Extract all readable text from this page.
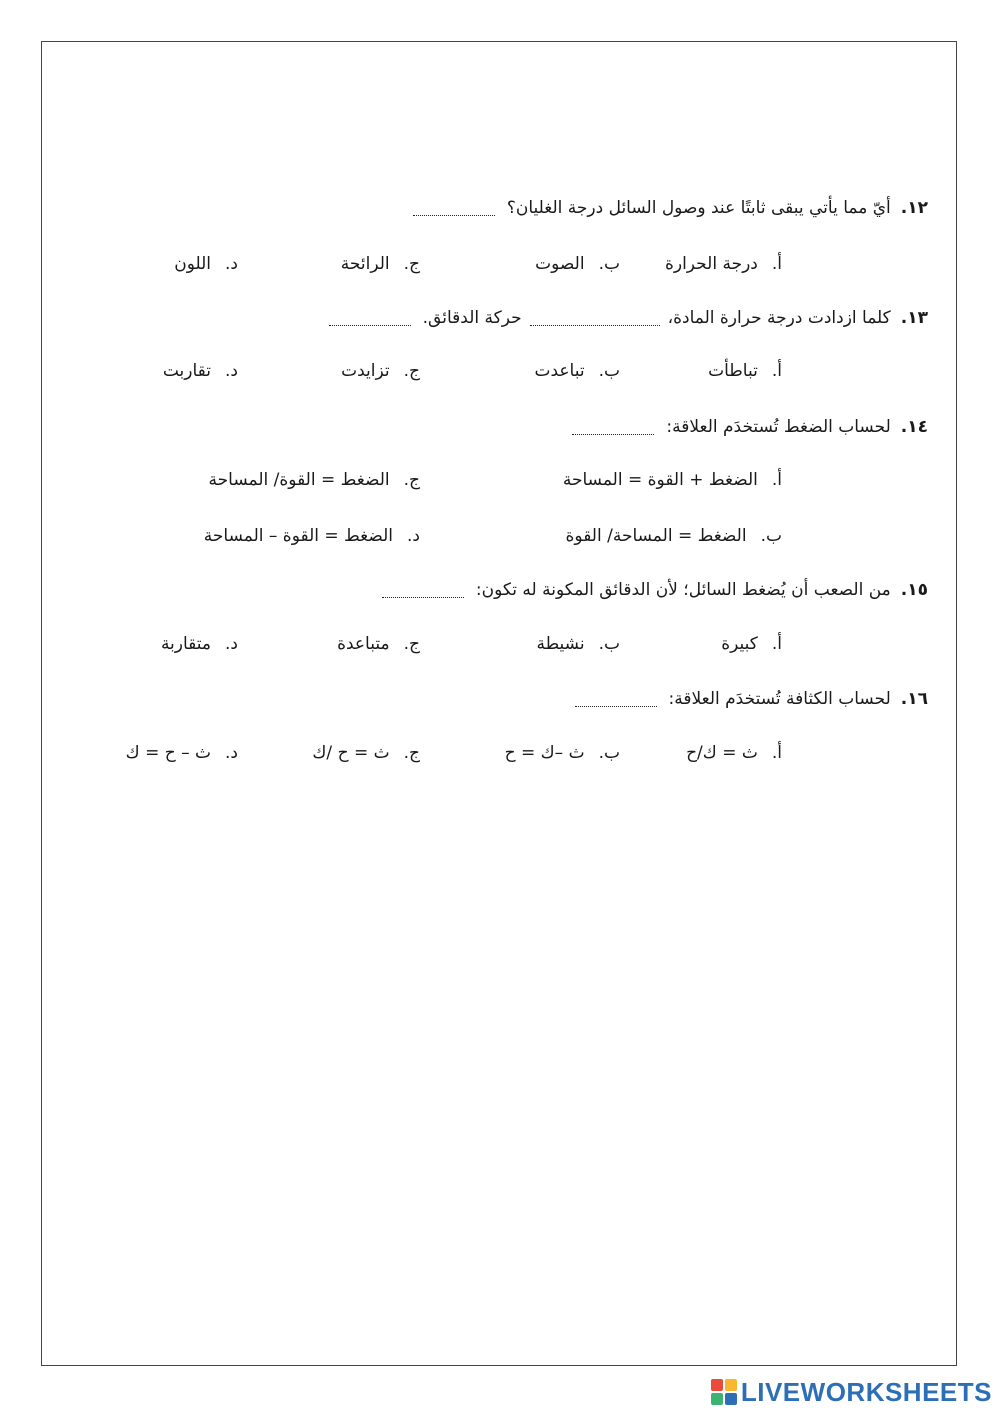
١٢.
أيّ مما يأتي يبقى ثابتًا عند وصول السائل درجة الغليان؟
أ.
درجة الحرارة
ب.
الصوت
ج.
الرائحة
د.
اللون
١٣.
كلما ازدادت درجة حرارة المادة،
حركة الدقائق.
أ.
تباطأت
ب.
تباعدت
ج.
تزايدت
د.
تقاربت
١٤.
لحساب الضغط تُستخدَم العلاقة:
أ.
الضغط + القوة = المساحة
ب.
الضغط = المساحة/ القوة
ج.
الضغط = القوة/ المساحة
د.
الضغط = القوة – المساحة
١٥.
من الصعب أن يُضغط السائل؛ لأن الدقائق المكونة له تكون:
أ.
كبيرة
ب.
نشيطة
ج.
متباعدة
د.
متقاربة
١٦.
لحساب الكثافة تُستخدَم العلاقة:
أ.
ث = ك/ح
ب.
ث –ك = ح
ج.
ث = ح /ك
د.
ث – ح = ك
LIVEWORKSHEETS
